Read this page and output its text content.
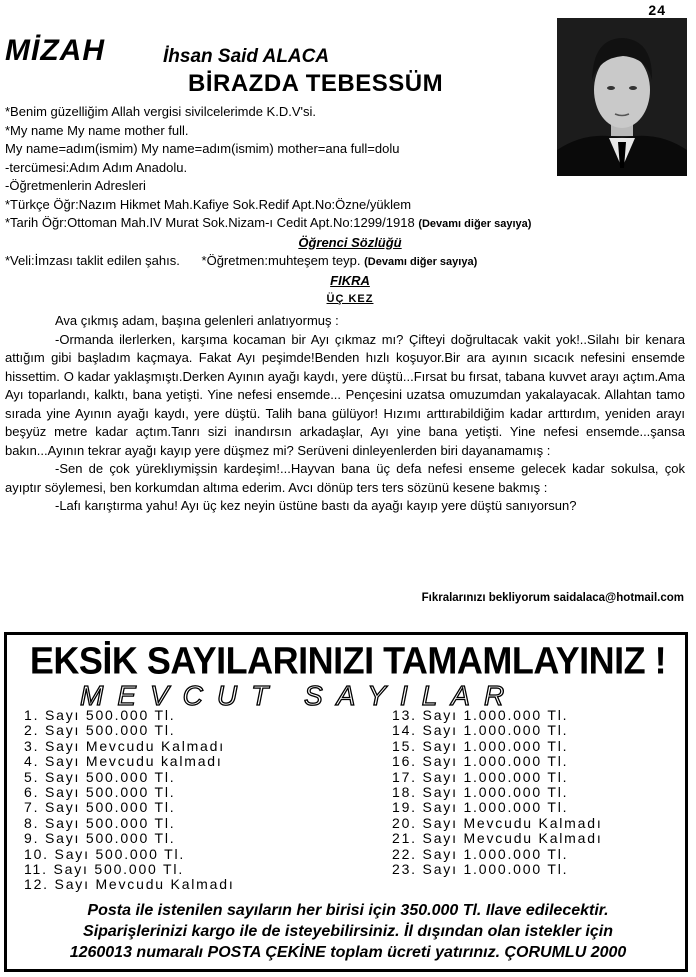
24
MİZAH	İhsan Said ALACA
BİRAZDA TEBESSÜM
*Benim güzelliğim Allah vergisi sivilcelerimde K.D.V'si.
*My name My name mother full.
My name=adım(ismim) My name=adım(ismim) mother=ana full=dolu
-tercümesi:Adım Adım Anadolu.
-Öğretmenlerin Adresleri
*Türkçe Öğr:Nazım Hikmet Mah.Kafiye Sok.Redif Apt.No:Özne/yüklem
*Tarih Öğr:Ottoman Mah.IV Murat Sok.Nizam-ı Cedit Apt.No:1299/1918 (Devamı diğer sayıya)
Öğrenci Sözlüğü
*Veli:İmzası taklit edilen şahıs. *Öğretmen:muhteşem teyp. (Devamı diğer sayıya)
FIKRA
ÜÇ KEZ

Ava çıkmış adam, başına gelenleri anlatıyormuş :

-Ormanda ilerlerken, karşıma kocaman bir Ayı çıkmaz mı? Çifteyi doğrultacak vakit yok!..Silahı bir kenara attığım gibi başladım kaçmaya. Fakat Ayı peşimde!Benden hızlı koşuyor.Bir ara ayının sıcacık nefesini ensemde hissettim. O kadar yaklaşmıştı.Derken Ayının ayağı kaydı, yere düştü...Fırsat bu fırsat, tabana kuvvet arayı açtım.Ama Ayı toparlandı, kalktı, bana yetişti. Yine nefesi ensemde... Pençesini uzatsa omuzumdan yakalayacak. Allahtan tamo sırada yine Ayının ayağı kaydı, yere düştü. Talih bana gülüyor! Hızımı arttırabildiğim kadar arttırdım, yeniden arayı beşyüz metre kadar açtım.Tanrı sizi inandırsın arkadaşlar, Ayı yine bana yetişti. Yine nefesi ensemde...şansa bakın...Ayının tekrar ayağı kayıp yere düşmez mi? Serüveni dinleyenlerden biri dayanamamış :

-Sen de çok yüreklıymişsin kardeşim!...Hayvan bana üç defa nefesi enseme gelecek kadar sokulsa, çok ayıptır söylemesi, ben korkumdan altıma ederim. Avcı dönüp ters ters sözünü kesene bakmış :

-Lafı karıştırma yahu! Ayı üç kez neyin üstüne bastı da ayağı kayıp yere düştü sanıyorsun?

Fıkralarınızı bekliyorum saidalaca@hotmail.com
EKSİK SAYILARINIZI TAMAMLAYINIZ !
MEVCUT SAYILAR
1. Sayı 500.000 Tl.
2. Sayı 500.000 Tl.
3. Sayı Mevcudu Kalmadı
4. Sayı Mevcudu kalmadı
5. Sayı 500.000 Tl.
6. Sayı 500.000 Tl.
7. Sayı 500.000 Tl.
8. Sayı 500.000 Tl.
9. Sayı 500.000 Tl.
10. Sayı 500.000 Tl.
11. Sayı 500.000 Tl.
12. Sayı Mevcudu Kalmadı
13. Sayı 1.000.000 Tl.
14. Sayı 1.000.000 Tl.
15. Sayı 1.000.000 Tl.
16. Sayı 1.000.000 Tl.
17. Sayı 1.000.000 Tl.
18. Sayı 1.000.000 Tl.
19. Sayı 1.000.000 Tl.
20. Sayı Mevcudu Kalmadı
21. Sayı Mevcudu Kalmadı
22. Sayı 1.000.000 Tl.
23. Sayı 1.000.000 Tl.
Posta ile istenilen sayıların her birisi için 350.000 Tl. Ilave edilecektir.
Siparişlerinizi kargo ile de isteyebilirsiniz. İl dışından olan istekler için
1260013 numaralı POSTA ÇEKİNE toplam ücreti yatırınız. ÇORUMLU 2000
